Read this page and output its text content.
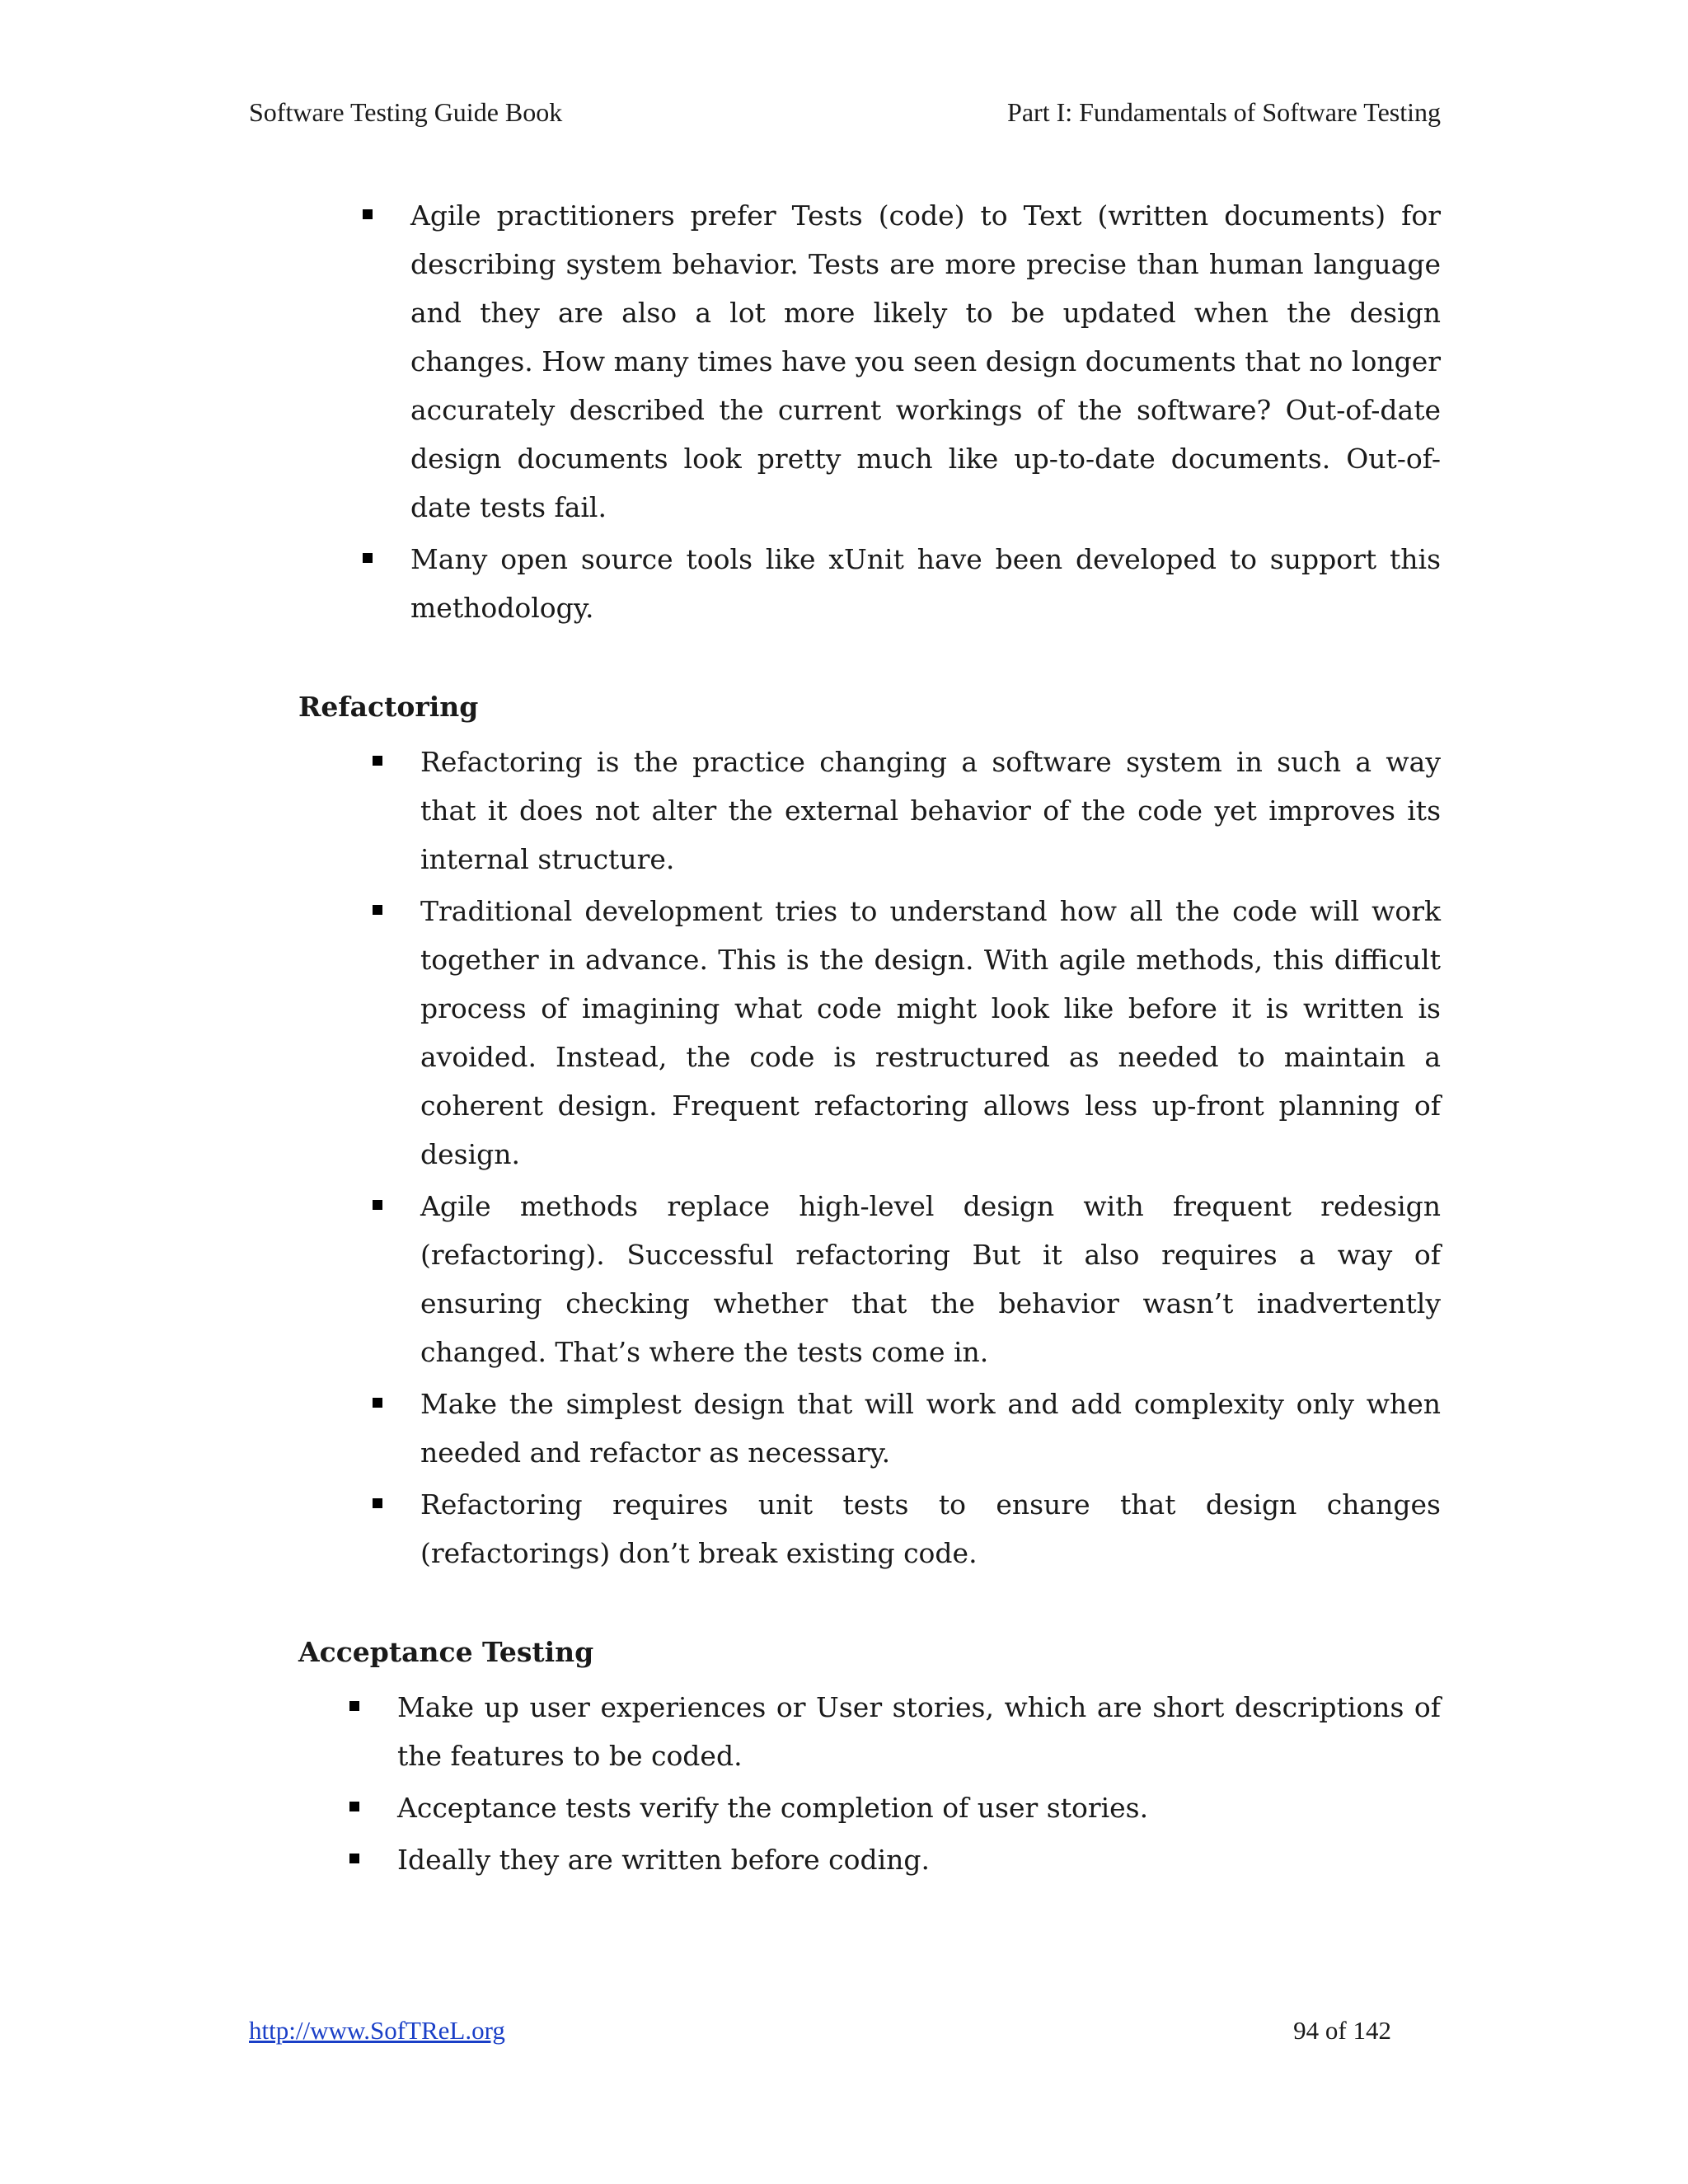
Software Testing Guide Book	Part I: Fundamentals of Software Testing
Agile practitioners prefer Tests (code) to Text (written documents) for describing system behavior. Tests are more precise than human language and they are also a lot more likely to be updated when the design changes. How many times have you seen design documents that no longer accurately described the current workings of the software? Out-of-date design documents look pretty much like up-to-date documents. Out-of-date tests fail.
Many open source tools like xUnit have been developed to support this methodology.
Refactoring
Refactoring is the practice changing a software system in such a way that it does not alter the external behavior of the code yet improves its internal structure.
Traditional development tries to understand how all the code will work together in advance. This is the design. With agile methods, this difficult process of imagining what code might look like before it is written is avoided. Instead, the code is restructured as needed to maintain a coherent design. Frequent refactoring allows less up-front planning of design.
Agile methods replace high-level design with frequent redesign (refactoring). Successful refactoring But it also requires a way of ensuring checking whether that the behavior wasn’t inadvertently changed. That’s where the tests come in.
Make the simplest design that will work and add complexity only when needed and refactor as necessary.
Refactoring requires unit tests to ensure that design changes (refactorings) don’t break existing code.
Acceptance Testing
Make up user experiences or User stories, which are short descriptions of the features to be coded.
Acceptance tests verify the completion of user stories.
Ideally they are written before coding.
http://www.SofTReL.org	94 of 142
